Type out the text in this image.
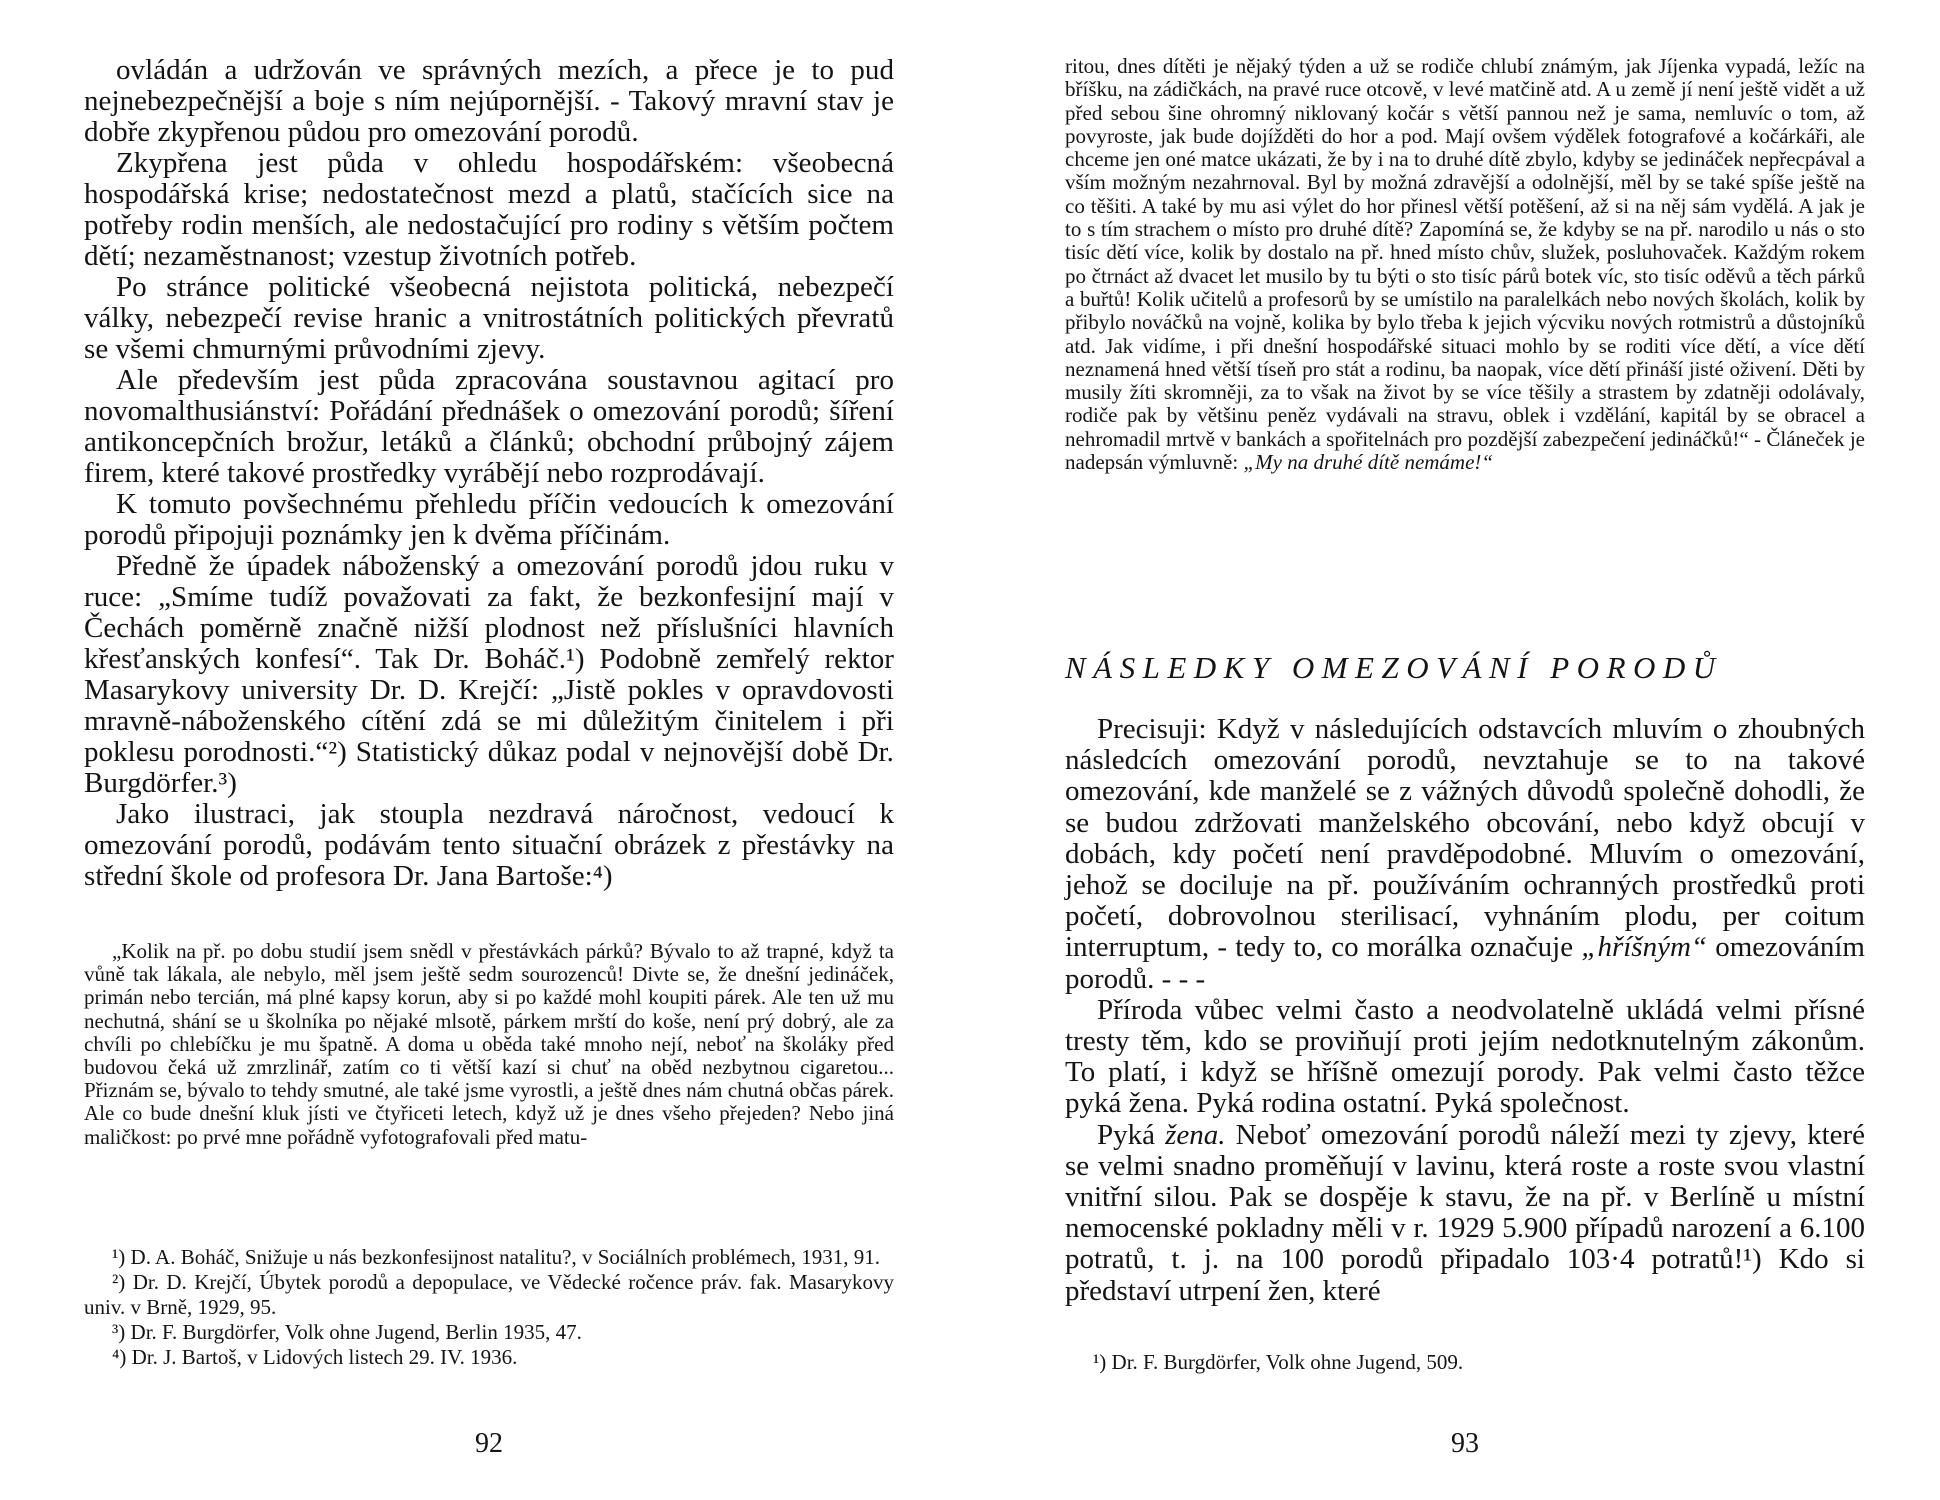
ovládán a udržován ve správných mezích, a přece je to pud nejnebezpečnější a boje s ním nejúpornější. - Takový mravní stav je dobře zkypřenou půdou pro omezování porodů.

Zkypřena jest půda v ohledu hospodářském: všeobecná hospodářská krise; nedostatečnost mezd a platů, stačících sice na potřeby rodin menších, ale nedostačující pro rodiny s větším počtem dětí; nezaměstnanost; vzestup životních potřeb.

Po stránce politické všeobecná nejistota politická, nebezpečí války, nebezpečí revise hranic a vnitrostátních politických převratů se všemi chmurnými průvodními zjevy.

Ale především jest půda zpracována soustavnou agitací pro novomalthusiánství: Pořádání přednášek o omezování porodů; šíření antikoncepčních brožur, letáků a článků; obchodní průbojný zájem firem, které takové prostředky vyrábějí nebo rozprodávají.

K tomuto povšechnému přehledu příčin vedoucích k omezování porodů připojuji poznámky jen k dvěma příčinám.

Předně že úpadek náboženský a omezování porodů jdou ruku v ruce: „Smíme tudíž považovati za fakt, že bezkonfesijní mají v Čechách poměrně značně nižší plodnost než příslušníci hlavních křesťanských konfesí“. Tak Dr. Boháč.¹) Podobně zemřelý rektor Masarykovy university Dr. D. Krejčí: „Jistě pokles v opravdovosti mravně-náboženského cítění zdá se mi důležitým činitelem i při poklesu porodnosti.“²) Statistický důkaz podal v nejnovější době Dr. Burgdörfer.³)

Jako ilustraci, jak stoupla nezdravá náročnost, vedoucí k omezování porodů, podávám tento situační obrázek z přestávky na střední škole od profesora Dr. Jana Bartoše:⁴)

„Kolik na př. po dobu studií jsem snědl v přestávkách párků? Bývalo to až trapné, když ta vůně tak lákala, ale nebylo, měl jsem ještě sedm sourozenců! Divte se, že dnešní jedináček, primán nebo tercián, má plné kapsy korun, aby si po každé mohl koupiti párek. Ale ten už mu nechutná, shání se u školníka po nějaké mlsotě, párkem mrští do koše, není prý dobrý, ale za chvíli po chlebíčku je mu špatně. A doma u oběda také mnoho nejí, neboť na školáky před budovou čeká už zmrzlinář, zatím co ti větší kazí si chuť na oběd nezbytnou cigaretou... Přiznám se, bývalo to tehdy smutné, ale také jsme vyrostli, a ještě dnes nám chutná občas párek. Ale co bude dnešní kluk jísti ve čtyřiceti letech, když už je dnes všeho přejeden? Nebo jiná maličkost: po prvé mne pořádně vyfotografovali před matu-

¹) D. A. Boháč, Snižuje u nás bezkonfesijnost natalitu?, v Sociálních problémech, 1931, 91.

²) Dr. D. Krejčí, Úbytek porodů a depopulace, ve Vědecké ročence práv. fak. Masarykovy univ. v Brně, 1929, 95.

³) Dr. F. Burgdörfer, Volk ohne Jugend, Berlin 1935, 47.

⁴) Dr. J. Bartoš, v Lidových listech 29. IV. 1936.

92

ritou, dnes dítěti je nějaký týden a už se rodiče chlubí známým, jak Jíjenka vypadá, ležíc na bříšku, na zádičkách, na pravé ruce otcově, v levé matčině atd. A u země jí není ještě vidět a už před sebou šine ohromný niklovaný kočár s větší pannou než je sama, nemluvíc o tom, až povyroste, jak bude dojížděti do hor a pod. Mají ovšem výdělek fotografové a kočárkáři, ale chceme jen oné matce ukázati, že by i na to druhé dítě zbylo, kdyby se jedináček nepřecpával a vším možným nezahrnoval. Byl by možná zdravější a odolnější, měl by se také spíše ještě na co těšiti. A také by mu asi výlet do hor přinesl větší potěšení, až si na něj sám vydělá. A jak je to s tím strachem o místo pro druhé dítě? Zapomíná se, že kdyby se na př. narodilo u nás o sto tisíc dětí více, kolik by dostalo na př. hned místo chův, služek, posluhovaček. Každým rokem po čtrnáct až dvacet let musilo by tu býti o sto tisíc párů botek víc, sto tisíc oděvů a těch párků a buřtů! Kolik učitelů a profesorů by se umístilo na paralelkách nebo nových školách, kolik by přibylo nováčků na vojně, kolika by bylo třeba k jejich výcviku nových rotmistrů a důstojníků atd. Jak vidíme, i při dnešní hospodářské situaci mohlo by se roditi více dětí, a více dětí neznamená hned větší tíseň pro stát a rodinu, ba naopak, více dětí přináší jisté oživení. Děti by musily žíti skromněji, za to však na život by se více těšily a strastem by zdatněji odolávaly, rodiče pak by většinu peněz vydávali na stravu, oblek i vzdělání, kapitál by se obracel a nehromadil mrtvě v bankách a spořitelnách pro pozdější zabezpečení jedináčků!“ - Článeček je nadepsán výmluvně: „My na druhé dítě nemáme!“

NÁSLEDKY OMEZOVÁNÍ PORODŮ

Precisuji: Když v následujících odstavcích mluvím o zhoubných následcích omezování porodů, nevztahuje se to na takové omezování, kde manželé se z vážných důvodů společně dohodli, že se budou zdržovati manželského obcování, nebo když obcují v dobách, kdy početí není pravděpodobné. Mluvím o omezování, jehož se dociluje na př. používáním ochranných prostředků proti početí, dobrovolnou sterilisací, vyhnáním plodu, per coitum interruptum, - tedy to, co morálka označuje „hříšným“ omezováním porodů. - - -

Příroda vůbec velmi často a neodvolatelně ukládá velmi přísné tresty těm, kdo se proviňují proti jejím nedotknutelným zákonům. To platí, i když se hříšně omezují porody. Pak velmi často těžce pyká žena. Pyká rodina ostatní. Pyká společnost.

Pyká žena. Neboť omezování porodů náleží mezi ty zjevy, které se velmi snadno proměňují v lavinu, která roste a roste svou vlastní vnitřní silou. Pak se dospěje k stavu, že na př. v Berlíně u místní nemocenské pokladny měli v r. 1929 5.900 případů narození a 6.100 potratů, t. j. na 100 porodů připadalo 103·4 potratů!¹) Kdo si představí utrpení žen, které

¹) Dr. F. Burgdörfer, Volk ohne Jugend, 509.

93
